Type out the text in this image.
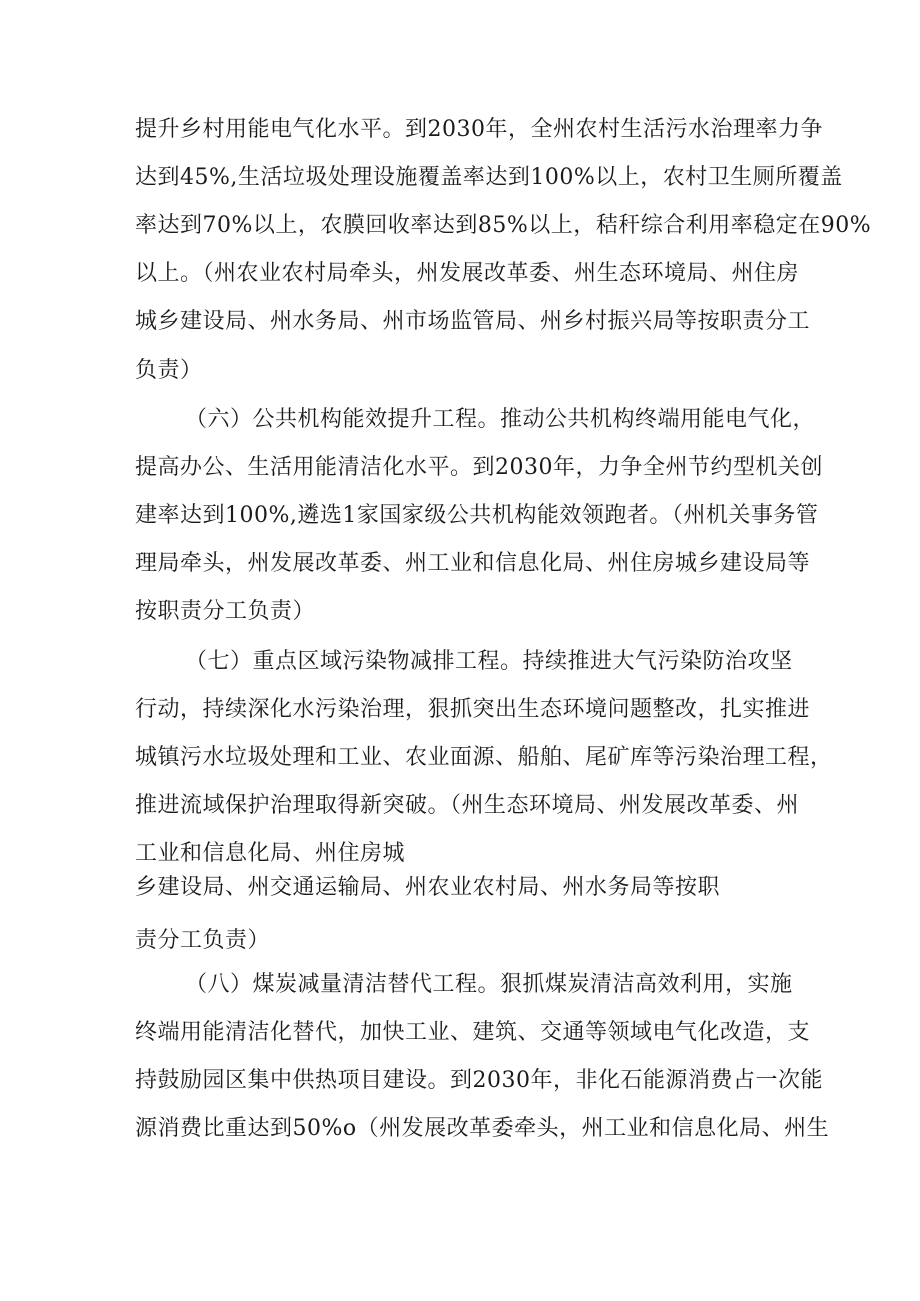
提升乡村用能电气化水平。到2030年，全州农村生活污水治理率力争
达到45%,生活垃圾处理设施覆盖率达到100%以上，农村卫生厕所覆盖
率达到70%以上，农膜回收率达到85%以上，秸秆综合利用率稳定在90%
以上。（州农业农村局牵头，州发展改革委、州生态环境局、州住房
城乡建设局、州水务局、州市场监管局、州乡村振兴局等按职责分工
负责）
（六）公共机构能效提升工程。推动公共机构终端用能电气化，
提高办公、生活用能清洁化水平。到2030年，力争全州节约型机关创
建率达到100%,遴选1家国家级公共机构能效领跑者。（州机关事务管
理局牵头，州发展改革委、州工业和信息化局、州住房城乡建设局等
按职责分工负责）
（七）重点区域污染物减排工程。持续推进大气污染防治攻坚
行动，持续深化水污染治理，狠抓突出生态环境问题整改，扎实推进
城镇污水垃圾处理和工业、农业面源、船舶、尾矿库等污染治理工程，
推进流域保护治理取得新突破。（州生态环境局、州发展改革委、州
工业和信息化局、州住房城
乡建设局、州交通运输局、州农业农村局、州水务局等按职
责分工负责）
（八）煤炭减量清洁替代工程。狠抓煤炭清洁高效利用，实施
终端用能清洁化替代，加快工业、建筑、交通等领域电气化改造，支
持鼓励园区集中供热项目建设。到2030年，非化石能源消费占一次能
源消费比重达到50%o（州发展改革委牵头，州工业和信息化局、州生
